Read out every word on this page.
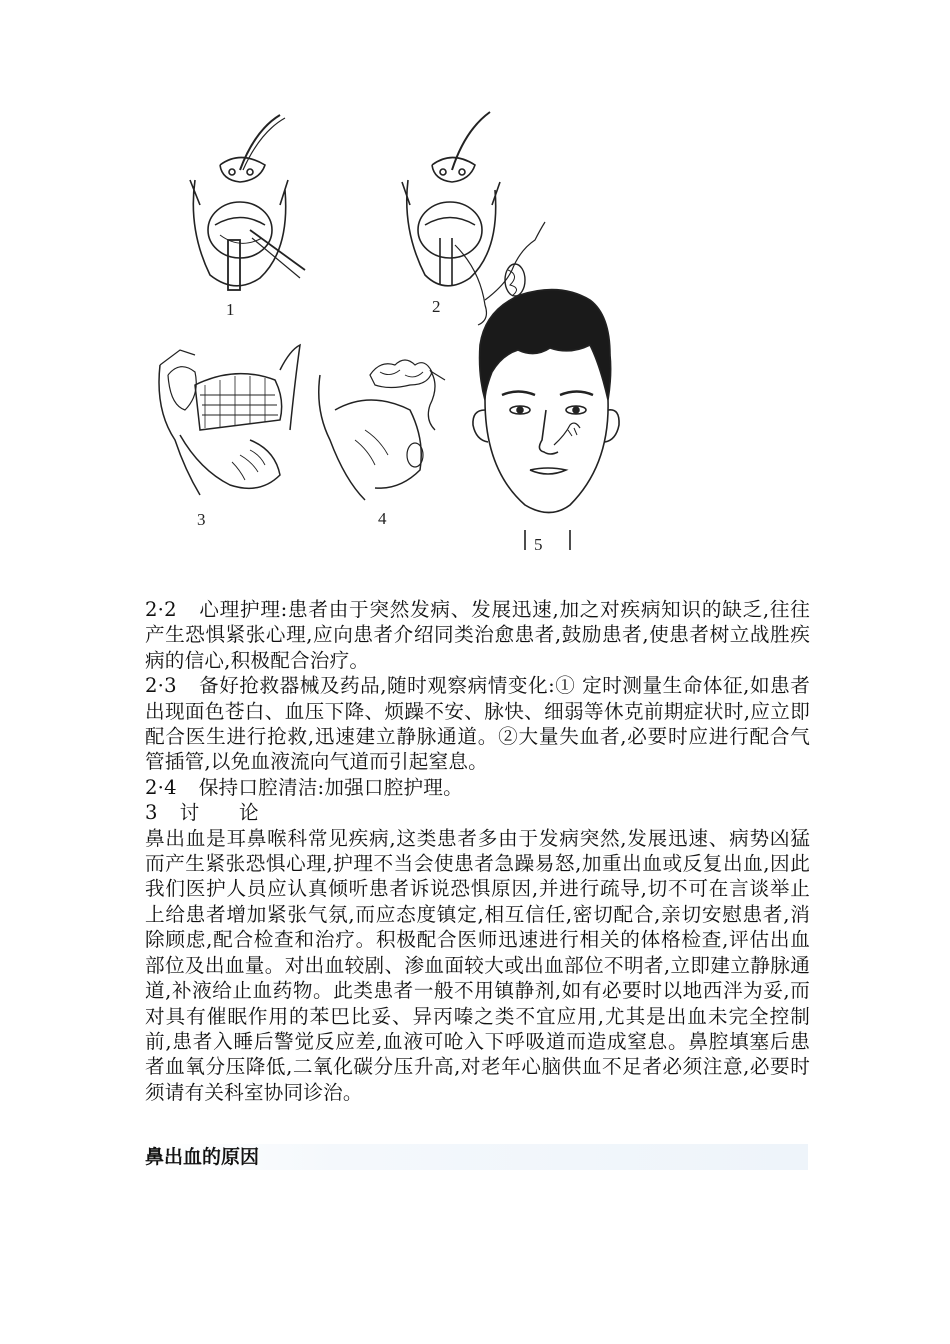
1	2
3	4
5

2·2 心理护理:患者由于突然发病、发展迅速,加之对疾病知识的缺乏,往往产生恐惧紧张心理,应向患者介绍同类治愈患者,鼓励患者,使患者树立战胜疾病的信心,积极配合治疗。

2·3 备好抢救器械及药品,随时观察病情变化:① 定时测量生命体征,如患者出现面色苍白、血压下降、烦躁不安、脉快、细弱等休克前期症状时,应立即配合医生进行抢救,迅速建立静脉通道。②大量失血者,必要时应进行配合气管插管,以免血液流向气道而引起窒息。

2·4 保持口腔清洁:加强口腔护理。

3 讨　　论

鼻出血是耳鼻喉科常见疾病,这类患者多由于发病突然,发展迅速、病势凶猛而产生紧张恐惧心理,护理不当会使患者急躁易怒,加重出血或反复出血,因此我们医护人员应认真倾听患者诉说恐惧原因,并进行疏导,切不可在言谈举止上给患者增加紧张气氛,而应态度镇定,相互信任,密切配合,亲切安慰患者,消除顾虑,配合检查和治疗。积极配合医师迅速进行相关的体格检查,评估出血部位及出血量。对出血较剧、渗血面较大或出血部位不明者,立即建立静脉通道,补液给止血药物。此类患者一般不用镇静剂,如有必要时以地西泮为妥,而对具有催眠作用的苯巴比妥、异丙嗪之类不宜应用,尤其是出血未完全控制前,患者入睡后警觉反应差,血液可呛入下呼吸道而造成窒息。鼻腔填塞后患者血氧分压降低,二氧化碳分压升高,对老年心脑供血不足者必须注意,必要时须请有关科室协同诊治。

鼻出血的原因
